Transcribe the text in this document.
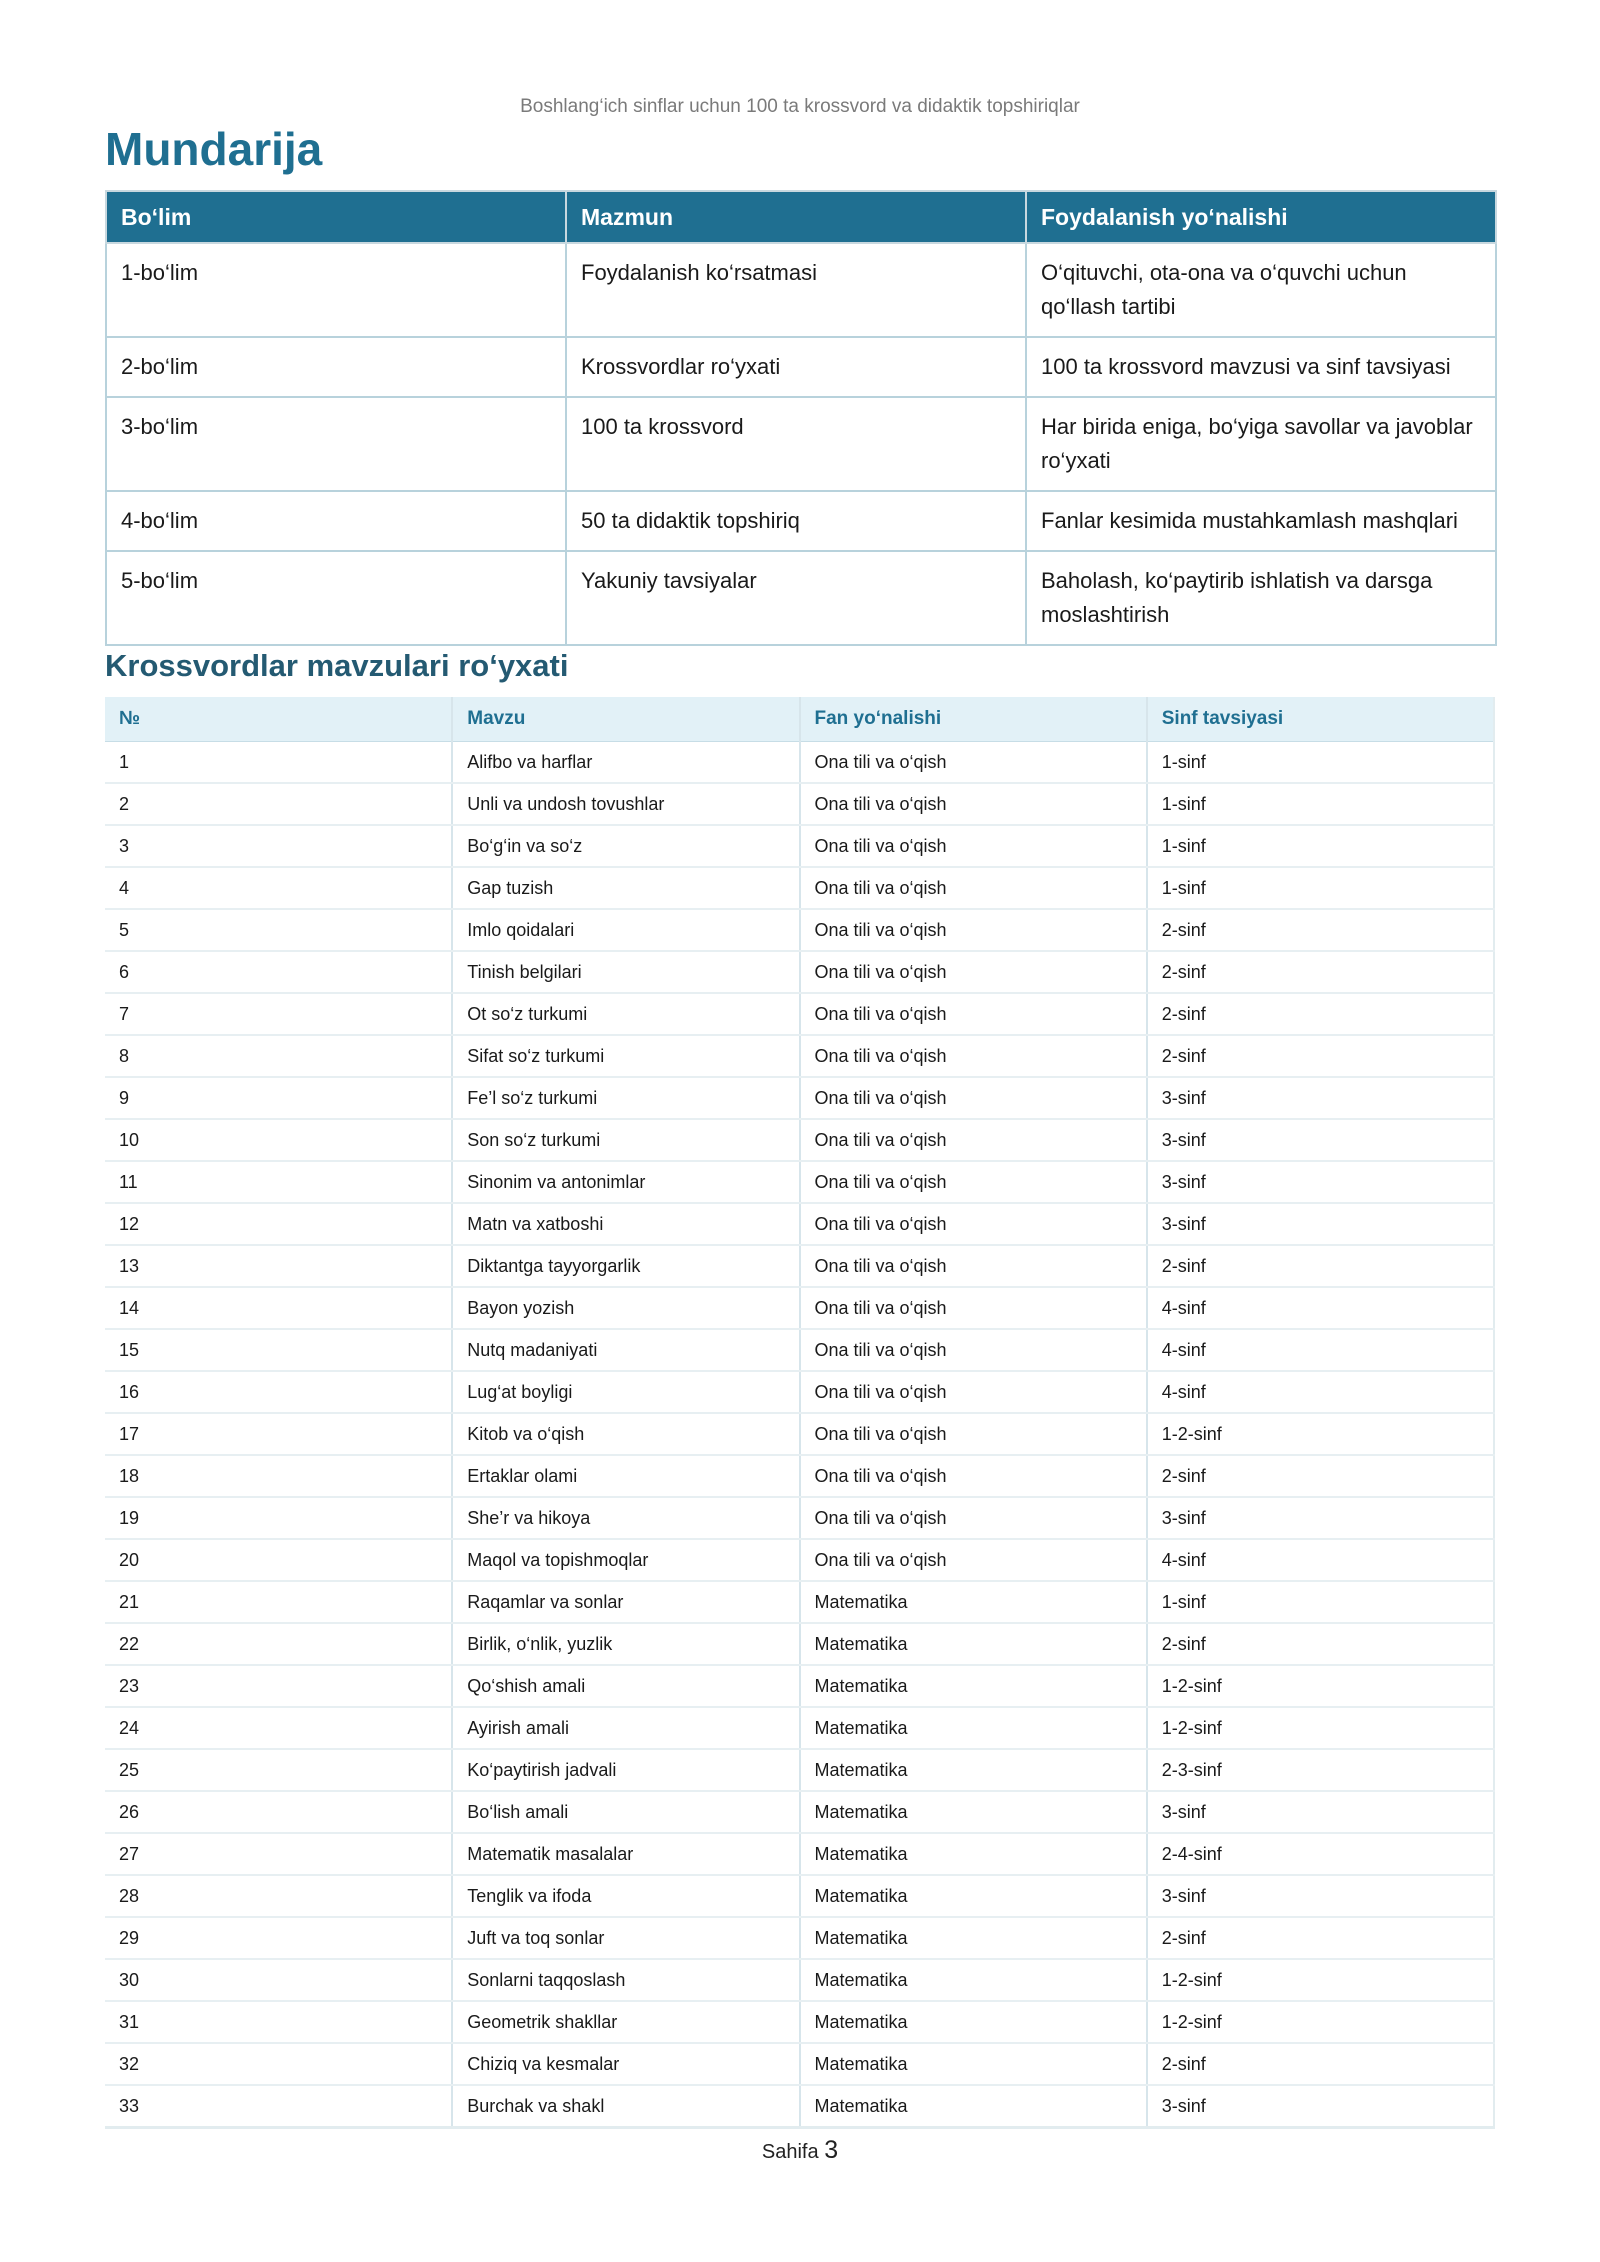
Boshlang‘ich sinflar uchun 100 ta krossvord va didaktik topshiriqlar
Mundarija
Bo‘lim	Mazmun	Foydalanish yo‘nalishi
1-bo‘lim	Foydalanish ko‘rsatmasi	O‘qituvchi, ota-ona va o‘quvchi uchun qo‘llash tartibi
2-bo‘lim	Krossvordlar ro‘yxati	100 ta krossvord mavzusi va sinf tavsiyasi
3-bo‘lim	100 ta krossvord	Har birida eniga, bo‘yiga savollar va javoblar ro‘yxati
4-bo‘lim	50 ta didaktik topshiriq	Fanlar kesimida mustahkamlash mashqlari
5-bo‘lim	Yakuniy tavsiyalar	Baholash, ko‘paytirib ishlatish va darsga moslashtirish
Krossvordlar mavzulari ro‘yxati
№	Mavzu	Fan yo‘nalishi	Sinf tavsiyasi
1	Alifbo va harflar	Ona tili va o‘qish	1-sinf
2	Unli va undosh tovushlar	Ona tili va o‘qish	1-sinf
3	Bo‘g‘in va so‘z	Ona tili va o‘qish	1-sinf
4	Gap tuzish	Ona tili va o‘qish	1-sinf
5	Imlo qoidalari	Ona tili va o‘qish	2-sinf
6	Tinish belgilari	Ona tili va o‘qish	2-sinf
7	Ot so‘z turkumi	Ona tili va o‘qish	2-sinf
8	Sifat so‘z turkumi	Ona tili va o‘qish	2-sinf
9	Fe’l so‘z turkumi	Ona tili va o‘qish	3-sinf
10	Son so‘z turkumi	Ona tili va o‘qish	3-sinf
11	Sinonim va antonimlar	Ona tili va o‘qish	3-sinf
12	Matn va xatboshi	Ona tili va o‘qish	3-sinf
13	Diktantga tayyorgarlik	Ona tili va o‘qish	2-sinf
14	Bayon yozish	Ona tili va o‘qish	4-sinf
15	Nutq madaniyati	Ona tili va o‘qish	4-sinf
16	Lug‘at boyligi	Ona tili va o‘qish	4-sinf
17	Kitob va o‘qish	Ona tili va o‘qish	1-2-sinf
18	Ertaklar olami	Ona tili va o‘qish	2-sinf
19	She’r va hikoya	Ona tili va o‘qish	3-sinf
20	Maqol va topishmoqlar	Ona tili va o‘qish	4-sinf
21	Raqamlar va sonlar	Matematika	1-sinf
22	Birlik, o‘nlik, yuzlik	Matematika	2-sinf
23	Qo‘shish amali	Matematika	1-2-sinf
24	Ayirish amali	Matematika	1-2-sinf
25	Ko‘paytirish jadvali	Matematika	2-3-sinf
26	Bo‘lish amali	Matematika	3-sinf
27	Matematik masalalar	Matematika	2-4-sinf
28	Tenglik va ifoda	Matematika	3-sinf
29	Juft va toq sonlar	Matematika	2-sinf
30	Sonlarni taqqoslash	Matematika	1-2-sinf
31	Geometrik shakllar	Matematika	1-2-sinf
32	Chiziq va kesmalar	Matematika	2-sinf
33	Burchak va shakl	Matematika	3-sinf
Sahifa 3
